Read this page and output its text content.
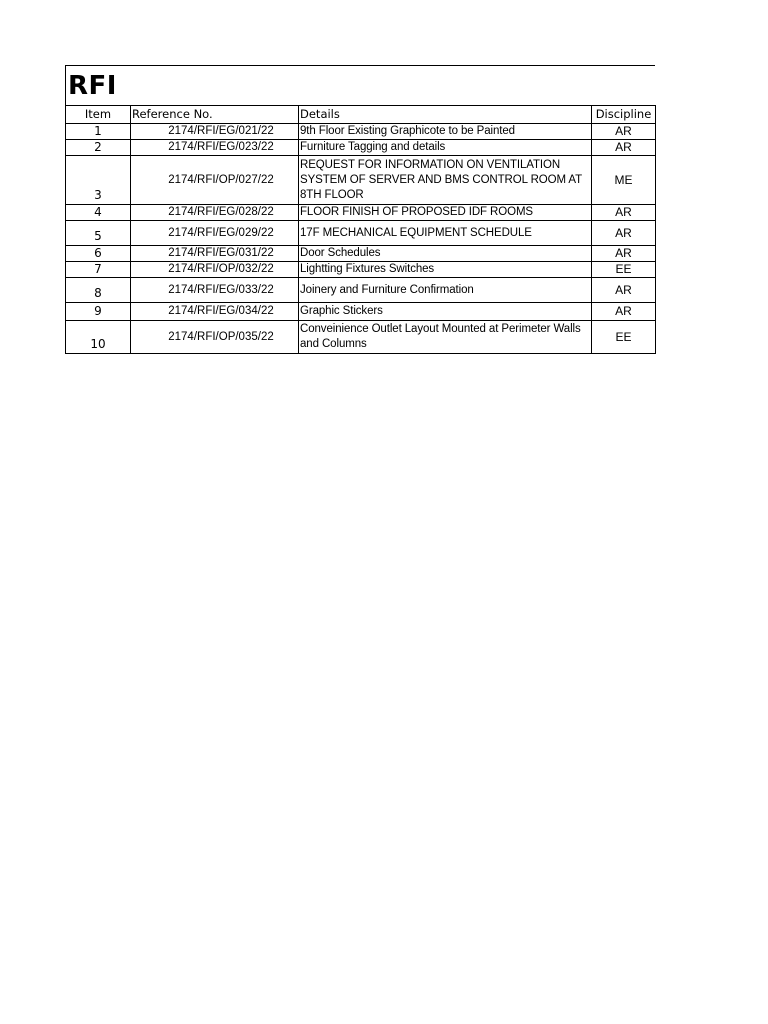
RFI
Item	Reference No.	Details	Discipline
1	2174/RFI/EG/021/22	9th Floor Existing Graphicote to be Painted	AR
2	2174/RFI/EG/023/22	Furniture Tagging and details	AR
3	2174/RFI/OP/027/22	REQUEST FOR INFORMATION ON VENTILATION SYSTEM OF SERVER AND BMS CONTROL ROOM AT 8TH FLOOR	ME
4	2174/RFI/EG/028/22	FLOOR FINISH OF PROPOSED IDF ROOMS	AR
5	2174/RFI/EG/029/22	17F MECHANICAL EQUIPMENT SCHEDULE	AR
6	2174/RFI/EG/031/22	Door Schedules	AR
7	2174/RFI/OP/032/22	Lightting Fixtures Switches	EE
8	2174/RFI/EG/033/22	Joinery and Furniture Confirmation	AR
9	2174/RFI/EG/034/22	Graphic Stickers	AR
10	2174/RFI/OP/035/22	Conveinience Outlet Layout Mounted at Perimeter Walls and Columns	EE
